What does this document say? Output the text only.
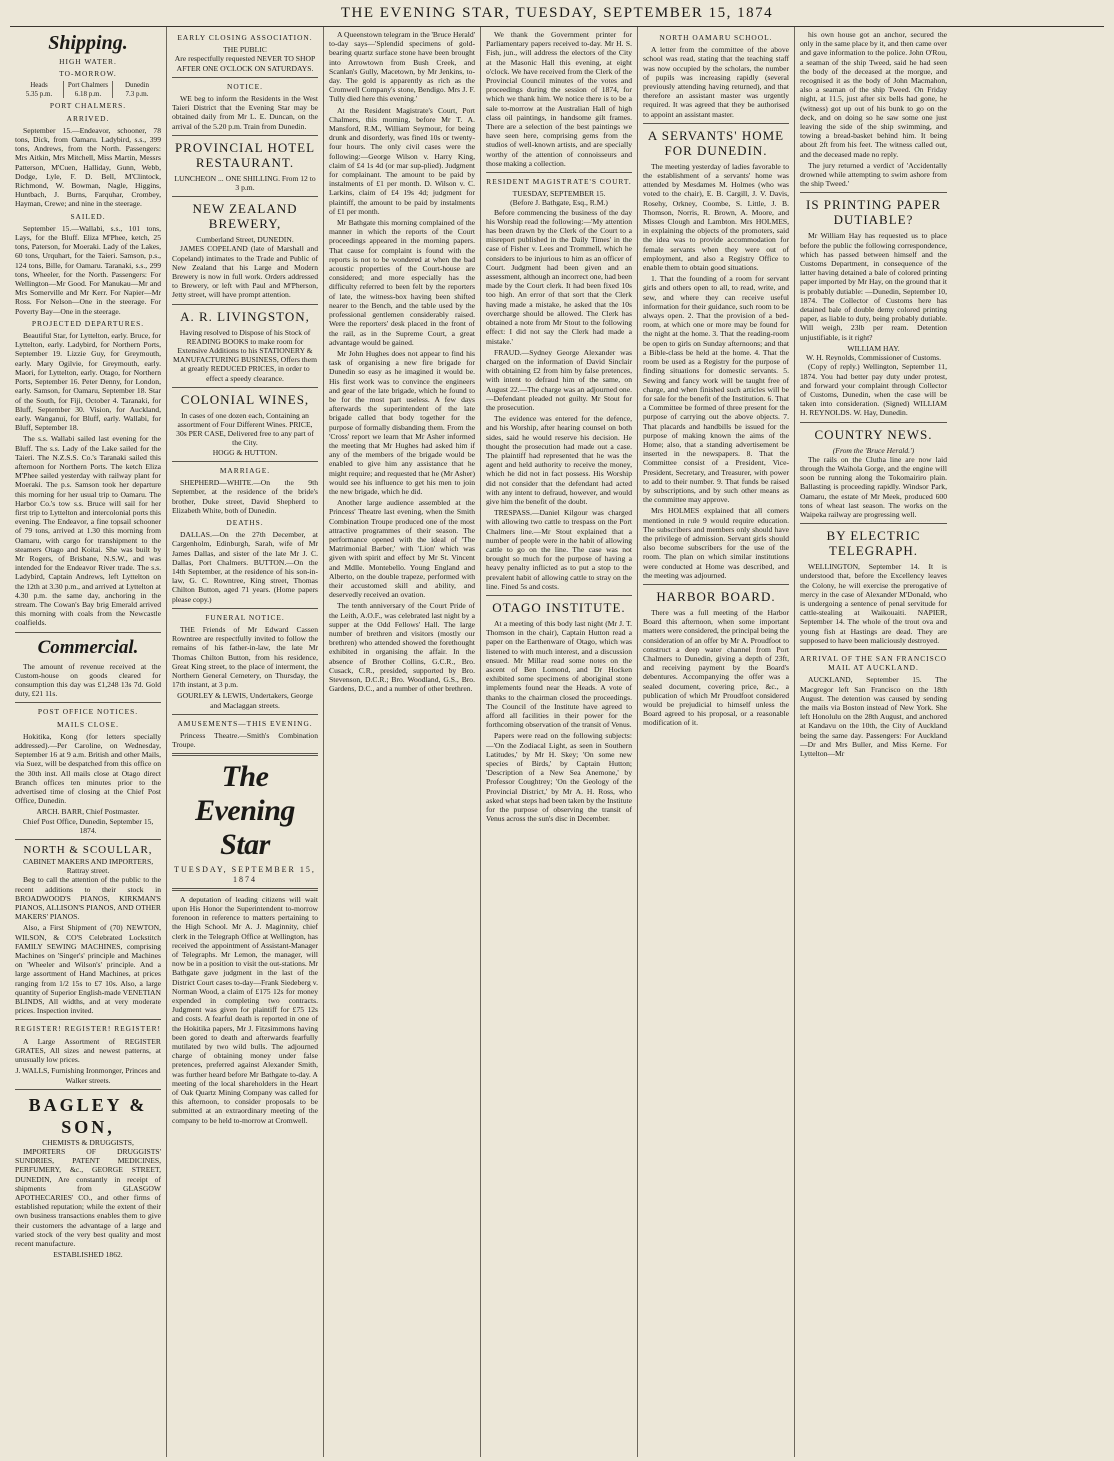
THE EVENING STAR, TUESDAY, SEPTEMBER 15, 1874
Shipping.
HIGH WATER.
TO-MORROW.
Heads
5.35 p.m.
Port Chalmers
6.18 p.m.
Dunedin
7.3 p.m.
PORT CHALMERS.
ARRIVED.

September 15.—Endeavor, schooner, 78 tons, Dick, from Oamaru. Ladybird, s.s., 399 tons, Andrews, from the North. Passengers: Mrs Aitkin, Mrs Mitchell, Miss Martin, Messrs Patterson, M'Cuen, Halliday, Gunn, Webb, Dodge, Lyle, F. D. Bell, M'Clintock, Richmond, W. Bowman, Nagle, Higgins, Huntbach, J. Burns, Farquhar, Crombey, Hayman, Crewe; and nine in the steerage.

SAILED.

September 15.—Wallabi, s.s., 101 tons, Lays, for the Bluff. Eliza M'Phee, ketch, 25 tons, Paterson, for Moeraki. Lady of the Lakes, 60 tons, Urquhart, for the Taieri. Samson, p.s., 124 tons, Bille, for Oamaru. Taranaki, s.s., 299 tons, Wheeler, for the North. Passengers: For Wellington—Mr Good. For Manukau—Mr and Mrs Somerville and Mr Kerr. For Napier—Mr Ross. For Nelson—One in the steerage. For Poverty Bay—One in the steerage.

PROJECTED DEPARTURES.

Beautiful Star, for Lyttelton, early. Bruce, for Lyttelton, early. Ladybird, for Northern Ports, September 19. Lizzie Guy, for Greymouth, early. Mary Ogilvie, for Greymouth, early. Maori, for Lyttelton, early. Otago, for Northern Ports, September 16. Peter Denny, for London, early. Samson, for Oamaru, September 18. Star of the South, for Fiji, October 4. Taranaki, for Bluff, September 30. Vision, for Auckland, early. Wanganui, for Bluff, early. Wallabi, for Bluff, September 18.

The s.s. Wallabi sailed last evening for the Bluff. The s.s. Lady of the Lake sailed for the Taieri. The N.Z.S.S. Co.'s Taranaki sailed this afternoon for Northern Ports. The ketch Eliza M'Phee sailed yesterday with railway plant for Moeraki. The p.s. Samson took her departure this morning for her usual trip to Oamaru. The Harbor Co.'s tow s.s. Bruce will sail for her first trip to Lyttelton and intercolonial ports this evening. The Endeavor, a fine topsail schooner of 79 tons, arrived at 1.30 this morning from Oamaru, with cargo for transhipment to the steamers Otago and Koitai. She was built by Mr Rogers, of Brisbane, N.S.W., and was intended for the Endeavor River trade. The s.s. Ladybird, Captain Andrews, left Lyttelton on the 12th at 3.30 p.m., and arrived at Lyttelton at 4.30 p.m. the same day, anchoring in the stream. The Cowan's Bay brig Emerald arrived this morning with coals from the Newcastle coalfields.

Commercial.

The amount of revenue received at the Custom-house on goods cleared for consumption this day was £1,248 13s 7d. Gold duty, £21 11s.

POST OFFICE NOTICES.
MAILS CLOSE.

Hokitika, Kong (for letters specially addressed).—Per Caroline, on Wednesday, September 16 at 9 a.m. British and other Mails, via Suez, will be despatched from this office on the 30th inst. All mails close at Otago direct Branch offices ten minutes prior to the advertised time of closing at the Chief Post Office, Dunedin.

ARCH. BARR, Chief Postmaster.
Chief Post Office, Dunedin, September 15, 1874.
NORTH & SCOULLAR,
CABINET MAKERS AND IMPORTERS, Rattray street.

Beg to call the attention of the public to the recent additions to their stock in BROADWOOD'S PIANOS, KIRKMAN'S PIANOS, ALLISON'S PIANOS, AND OTHER MAKERS' PIANOS.

Also, a First Shipment of (70) NEWTON, WILSON, & CO'S Celebrated Lockstitch FAMILY SEWING MACHINES, comprising Machines on 'Singer's' principle and Machines on 'Wheeler and Wilson's' principle. And a large assortment of Hand Machines, at prices ranging from 1/2 15s to £7 10s. Also, a large quantity of Superior English-made VENETIAN BLINDS, All widths, and at very moderate prices. Inspection invited.

REGISTER! REGISTER! REGISTER!

A Large Assortment of REGISTER GRATES, All sizes and newest patterns, at unusually low prices.

J. WALLS, Furnishing Ironmonger, Princes and Walker streets.
BAGLEY & SON,
CHEMISTS & DRUGGISTS,

IMPORTERS OF DRUGGISTS' SUNDRIES, PATENT MEDICINES, PERFUMERY, &c., GEORGE STREET, DUNEDIN, Are constantly in receipt of shipments from GLASGOW APOTHECARIES' CO., and other firms of established reputation; while the extent of their own business transactions enables them to give their customers the advantage of a large and varied stock of the very best quality and most recent manufacture.

ESTABLISHED 1862.
EARLY CLOSING ASSOCIATION.
THE PUBLIC
Are respectfully requested NEVER TO SHOP AFTER ONE O'CLOCK ON SATURDAYS.
NOTICE.

WE beg to inform the Residents in the West Taieri District that the Evening Star may be obtained daily from Mr L. E. Duncan, on the arrival of the 5.20 p.m. Train from Dunedin.

PROVINCIAL HOTEL RESTAURANT.
LUNCHEON ... ONE SHILLING. From 12 to 3 p.m.
NEW ZEALAND BREWERY,
Cumberland Street, DUNEDIN.

JAMES COPELAND (late of Marshall and Copeland) intimates to the Trade and Public of New Zealand that his Large and Modern Brewery is now in full work. Orders addressed to Brewery, or left with Paul and M'Pherson, Jetty street, will have prompt attention.

A. R. LIVINGSTON,
Having resolved to Dispose of his Stock of READING BOOKS to make room for Extensive Additions to his STATIONERY & MANUFACTURING BUSINESS, Offers them at greatly REDUCED PRICES, in order to effect a speedy clearance.
COLONIAL WINES,
In cases of one dozen each, Containing an assortment of Four Different Wines. PRICE, 30s PER CASE, Delivered free to any part of the City.
HOGG & HUTTON.
MARRIAGE.

SHEPHERD—WHITE.—On the 9th September, at the residence of the bride's brother, Duke street, David Shepherd to Elizabeth White, both of Dunedin.

DEATHS.

DALLAS.—On the 27th December, at Cargenholm, Edinburgh, Sarah, wife of Mr James Dallas, and sister of the late Mr J. C. Dallas, Port Chalmers. BUTTON.—On the 14th September, at the residence of his son-in-law, G. C. Rowntree, King street, Thomas Chilton Button, aged 71 years. (Home papers please copy.)

FUNERAL NOTICE.

THE Friends of Mr Edward Cassen Rowntree are respectfully invited to follow the remains of his father-in-law, the late Mr Thomas Chilton Button, from his residence, Great King street, to the place of interment, the Northern General Cemetery, on Thursday, the 17th instant, at 3 p.m.

GOURLEY & LEWIS, Undertakers, George and Maclaggan streets.
AMUSEMENTS—THIS EVENING.

Princess Theatre.—Smith's Combination Troupe.

The Evening Star
TUESDAY, SEPTEMBER 15, 1874

A deputation of leading citizens will wait upon His Honor the Superintendent to-morrow forenoon in reference to matters pertaining to the High School. Mr A. J. Maginnity, chief clerk in the Telegraph Office at Wellington, has received the appointment of Assistant-Manager of Telegraphs. Mr Lemon, the manager, will now be in a position to visit the out-stations. Mr Bathgate gave judgment in the last of the District Court cases to-day—Frank Siedeberg v. Norman Wood, a claim of £175 12s for money expended in completing two contracts. Judgment was given for plaintiff for £75 12s and costs. A fearful death is reported in one of the Hokitika papers, Mr J. Fitzsimmons having been gored to death and afterwards fearfully mutilated by two wild bulls. The adjourned charge of obtaining money under false pretences, preferred against Alexander Smith, was further heard before Mr Bathgate to-day. A meeting of the local shareholders in the Heart of Oak Quartz Mining Company was called for this afternoon, to consider proposals to be submitted at an extraordinary meeting of the company to be held to-morrow at Cromwell.

A Queenstown telegram in the 'Bruce Herald' to-day says—'Splendid specimens of gold-bearing quartz surface stone have been brought into Arrowtown from Bush Creek, and Scanlan's Gully, Macetown, by Mr Jenkins, to-day. The gold is apparently as rich as the Cromwell Company's stone, Bendigo. Mrs J. F. Tully died here this evening.'

At the Resident Magistrate's Court, Port Chalmers, this morning, before Mr T. A. Mansford, R.M., William Seymour, for being drunk and disorderly, was fined 10s or twenty-four hours. The only civil cases were the following:—George Wilson v. Harry King, claim of £4 1s 4d (or mar sup-plied). Judgment for complainant. The amount to be paid by instalments of £1 per month. D. Wilson v. C. Larkins, claim of £4 19s 4d; judgment for plaintiff, the amount to be paid by instalments of £1 per month.

Mr Bathgate this morning complained of the manner in which the reports of the Court proceedings appeared in the morning papers. That cause for complaint is found with the reports is not to be wondered at when the bad acoustic properties of the Court-house are considered; and more especially has the difficulty referred to been felt by the reporters of late, the witness-box having been shifted nearer to the Bench, and the table used by the professional gentlemen considerably raised. Were the reporters' desk placed in the front of the rail, as in the Supreme Court, a great advantage would be gained.

Mr John Hughes does not appear to find his task of organising a new fire brigade for Dunedin so easy as he imagined it would be. His first work was to convince the engineers and gear of the late brigade, which he found to be for the most part useless. A few days afterwards the superintendent of the late brigade called that body together for the purpose of formally disbanding them. From the 'Cross' report we learn that Mr Asher informed the meeting that Mr Hughes had asked him if any of the members of the brigade would be enabled to give him any assistance that he might require; and requested that he (Mr Asher) would see his influence to get his men to join the new brigade, which he did.

Another large audience assembled at the Princess' Theatre last evening, when the Smith Combination Troupe produced one of the most attractive programmes of their season. The performance opened with the ideal of 'The Matrimonial Barber,' with 'Lion' which was given with spirit and effect by Mr St. Vincent and Mdlle. Montebello. Young England and Alberto, on the double trapeze, performed with their accustomed skill and ability, and deservedly received an ovation.

The tenth anniversary of the Court Pride of the Leith, A.O.F., was celebrated last night by a supper at the Odd Fellows' Hall. The large number of brethren and visitors (mostly our brethren) who attended showed the forethought exhibited in organising the affair. In the absence of Brother Collins, G.C.R., Bro. Cusack, C.R., presided, supported by Bro. Stevenson, D.C.R.; Bro. Woodland, G.S., Bro. Gardens, D.C., and a number of other brethren.

We thank the Government printer for Parliamentary papers received to-day. Mr H. S. Fish, jun., will address the electors of the City at the Masonic Hall this evening, at eight o'clock. We have received from the Clerk of the Provincial Council minutes of the votes and proceedings during the session of 1874, for which we thank him. We notice there is to be a sale to-morrow at the Australian Hall of high class oil paintings, in handsome gilt frames. There are a selection of the best paintings we have seen here, comprising gems from the studios of well-known artists, and are specially worthy of the attention of connoisseurs and those making a collection.

RESIDENT MAGISTRATE'S COURT.
TUESDAY, SEPTEMBER 15.
(Before J. Bathgate, Esq., R.M.)

Before commencing the business of the day his Worship read the following:—'My attention has been drawn by the Clerk of the Court to a misreport published in the Daily Times' in the case of Fisher v. Lees and Trommell, which he considers to be injurious to him as an officer of Court. Judgment had been given and an assessment, although an incorrect one, had been made by the Court clerk. It had been fixed 10s too high. An error of that sort that the Clerk having made a mistake, he asked that the 10s overcharge should be allowed. The Clerk has obtained a note from Mr Stout to the following effect: I did not say the Clerk had made a mistake.'

FRAUD.—Sydney George Alexander was charged on the information of David Sinclair with obtaining £2 from him by false pretences, with intent to defraud him of the same, on August 22.—The charge was an adjourned one.—Defendant pleaded not guilty. Mr Stout for the prosecution.

The evidence was entered for the defence, and his Worship, after hearing counsel on both sides, said he would reserve his decision. He thought the prosecution had made out a case. The plaintiff had represented that he was the agent and held authority to receive the money, which he did not in fact possess. His Worship did not consider that the defendant had acted with any intent to defraud, however, and would give him the benefit of the doubt.

TRESPASS.—Daniel Kilgour was charged with allowing two cattle to trespass on the Port Chalmers line.—Mr Stout explained that a number of people were in the habit of allowing cattle to go on the line. The case was not brought so much for the purpose of having a heavy penalty inflicted as to put a stop to the prevalent habit of allowing cattle to stray on the line. Fined 5s and costs.

OTAGO INSTITUTE.

At a meeting of this body last night (Mr J. T. Thomson in the chair), Captain Hutton read a paper on the Earthenware of Otago, which was listened to with much interest, and a discussion ensued. Mr Millar read some notes on the ascent of Ben Lomond, and Dr Hocken exhibited some specimens of aboriginal stone implements found near the Heads. A vote of thanks to the chairman closed the proceedings. The Council of the Institute have agreed to afford all facilities in their power for the forthcoming observation of the transit of Venus.

Papers were read on the following subjects:—'On the Zodiacal Light, as seen in Southern Latitudes,' by Mr H. Skey; 'On some new species of Birds,' by Captain Hutton; 'Description of a New Sea Anemone,' by Professor Coughtrey; 'On the Geology of the Provincial District,' by Mr A. H. Ross, who asked what steps had been taken by the Institute for the purpose of observing the transit of Venus across the sun's disc in December.

NORTH OAMARU SCHOOL.

A letter from the committee of the above school was read, stating that the teaching staff was now occupied by the scholars, the number of pupils was increasing rapidly (several previously attending having returned), and that therefore an assistant master was urgently required. It was agreed that they be authorised to appoint an assistant master.

A SERVANTS' HOME FOR DUNEDIN.

The meeting yesterday of ladies favorable to the establishment of a servants' home was attended by Mesdames M. Holmes (who was voted to the chair), E. B. Cargill, J. V. Davis, Rosehy, Orkney, Coombe, S. Little, J. B. Thomson, Norris, R. Brown, A. Moore, and Misses Clough and Lambton. Mrs HOLMES, in explaining the objects of the promoters, said the idea was to provide accommodation for female servants when they were out of employment, and also a Registry Office to enable them to obtain good situations.

1. That the founding of a room for servant girls and others open to all, to read, write, and sew, and where they can receive useful information for their guidance, such room to be always open. 2. That the provision of a bed-room, at which one or more may be found for the night at the home. 3. That the reading-room be open to girls on Sunday afternoons; and that a Bible-class be held at the home. 4. That the room be used as a Registry for the purpose of finding situations for domestic servants. 5. Sewing and fancy work will be taught free of charge, and when finished such articles will be for sale for the benefit of the Institution. 6. That a Committee be formed of three present for the purpose of carrying out the above objects. 7. That placards and handbills be issued for the purpose of making known the aims of the Home; also, that a standing advertisement be inserted in the newspapers. 8. That the Committee consist of a President, Vice-President, Secretary, and Treasurer, with power to add to their number. 9. That funds be raised by subscriptions, and by such other means as the committee may approve.

Mrs HOLMES explained that all comers mentioned in rule 9 would require education. The subscribers and members only should have the privilege of admission. Servant girls should also become subscribers for the use of the room. The plan on which similar institutions were conducted at Home was described, and the meeting was adjourned.

HARBOR BOARD.

There was a full meeting of the Harbor Board this afternoon, when some important matters were considered, the principal being the consideration of an offer by Mr A. Proudfoot to construct a deep water channel from Port Chalmers to Dunedin, giving a depth of 23ft, and receiving payment by the Board's debentures. Accompanying the offer was a sealed document, covering price, &c., a publication of which Mr Proudfoot considered would be prejudicial to himself unless the Board agreed to his proposal, or a reasonable modification of it.

his own house got an anchor, secured the only in the same place by it, and then came over and gave information to the police. John O'Rou, a seaman of the ship Tweed, said he had seen the body of the deceased at the morgue, and recognised it as the body of John Macmahon, also a seaman of the ship Tweed. On Friday night, at 11.5, just after six bells had gone, he (witness) got up out of his bunk to go on the deck, and on doing so he saw some one just leaving the side of the ship swimming, and towing a bread-basket behind him. It being about 2ft from his feet. The witness called out, and the deceased made no reply.

The jury returned a verdict of 'Accidentally drowned while attempting to swim ashore from the ship Tweed.'

IS PRINTING PAPER DUTIABLE?

Mr William Hay has requested us to place before the public the following correspondence, which has passed between himself and the Customs Department, in consequence of the latter having detained a bale of colored printing paper imported by Mr Hay, on the ground that it is probably dutiable: —Dunedin, September 10, 1874. The Collector of Customs here has detained bale of double demy colored printing paper, as liable to duty, being probably dutiable. Will weigh, 23lb per ream. Detention unjustifiable, is it right?

WILLIAM HAY.
W. H. Reynolds, Commissioner of Customs.

(Copy of reply.) Wellington, September 11, 1874. You had better pay duty under protest, and forward your complaint through Collector of Customs, Dunedin, when the case will be taken into consideration. (Signed) WILLIAM H. REYNOLDS. W. Hay, Dunedin.

COUNTRY NEWS.
(From the 'Bruce Herald.')

The rails on the Clutha line are now laid through the Waihola Gorge, and the engine will soon be running along the Tokomairiro plain. Ballasting is proceeding rapidly. Windsor Park, Oamaru, the estate of Mr Meek, produced 600 tons of wheat last season. The works on the Waipeka railway are progressing well.

BY ELECTRIC TELEGRAPH.

WELLINGTON, September 14. It is understood that, before the Excellency leaves the Colony, he will exercise the prerogative of mercy in the case of Alexander M'Donald, who is undergoing a sentence of penal servitude for cattle-stealing at Waikouaiti. NAPIER, September 14. The whole of the trout ova and young fish at Hastings are dead. They are supposed to have been maliciously destroyed.

ARRIVAL OF THE SAN FRANCISCO MAIL AT AUCKLAND.

AUCKLAND, September 15. The Macgregor left San Francisco on the 18th August. The detention was caused by sending the mails via Boston instead of New York. She left Honolulu on the 28th August, and anchored at Kandavu on the 10th, the City of Auckland being the same day. Passengers: For Auckland—Dr and Mrs Buller, and Miss Kerne. For Lyttelton—Mr
